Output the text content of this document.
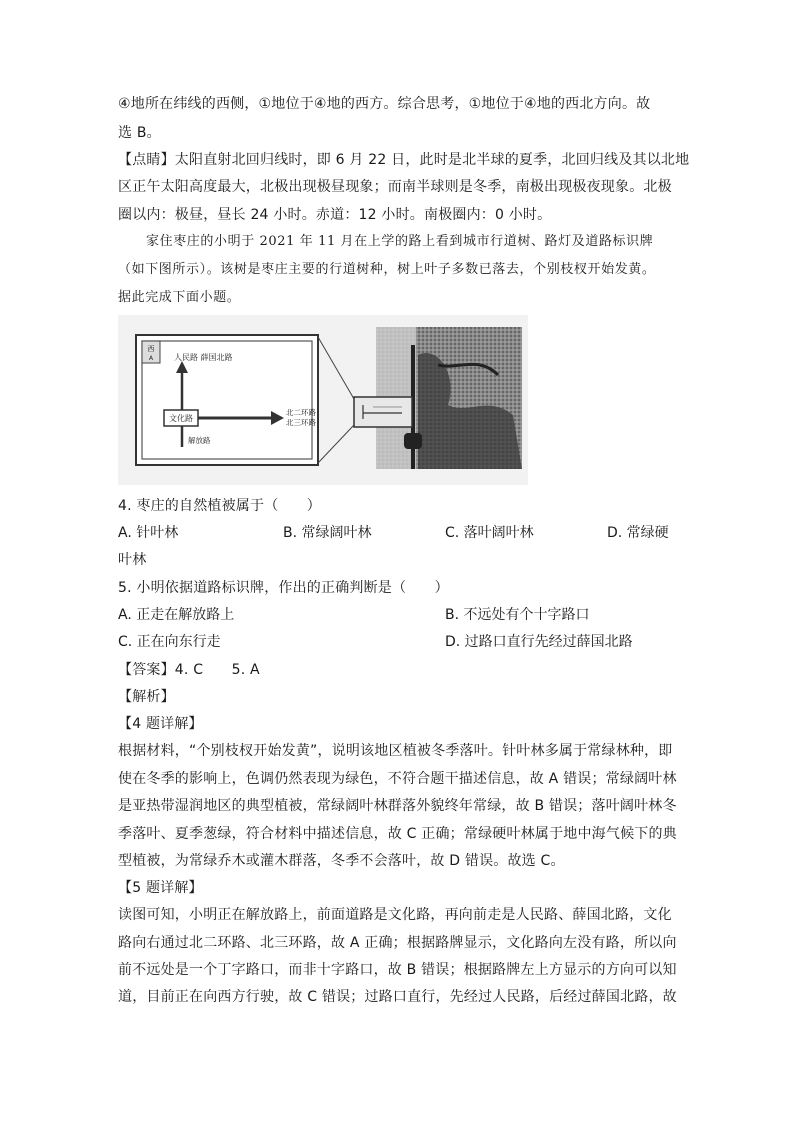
④地所在纬线的西侧，①地位于④地的西方。综合思考，①地位于④地的西北方向。故
选 B。
【点睛】太阳直射北回归线时，即 6 月 22 日，此时是北半球的夏季，北回归线及其以北地
区正午太阳高度最大，北极出现极昼现象；而南半球则是冬季，南极出现极夜现象。北极
圈以内：极昼，昼长 24 小时。赤道：12 小时。南极圈内：0 小时。
家住枣庄的小明于 2021 年 11 月在上学的路上看到城市行道树、路灯及道路标识牌
（如下图所示）。该树是枣庄主要的行道树种，树上叶子多数已落去，个别枝杈开始发黄。
据此完成下面小题。
西
A	人民路 薛国北路
北二环路
北三环路
文化路
解放路
4. 枣庄的自然植被属于（　　）
A. 针叶林	B. 常绿阔叶林	C. 落叶阔叶林	D. 常绿硬
叶林
5. 小明依据道路标识牌，作出的正确判断是（　　）
A. 正走在解放路上	B. 不远处有个十字路口
C. 正在向东行走	D. 过路口直行先经过薛国北路
【答案】4. C　　5. A
【解析】
【4 题详解】
根据材料，“个别枝杈开始发黄”，说明该地区植被冬季落叶。针叶林多属于常绿林种，即
使在冬季的影响上，色调仍然表现为绿色，不符合题干描述信息，故 A 错误；常绿阔叶林
是亚热带湿润地区的典型植被，常绿阔叶林群落外貌终年常绿，故 B 错误；落叶阔叶林冬
季落叶、夏季葱绿，符合材料中描述信息，故 C 正确；常绿硬叶林属于地中海气候下的典
型植被，为常绿乔木或灌木群落，冬季不会落叶，故 D 错误。故选 C。
【5 题详解】
读图可知，小明正在解放路上，前面道路是文化路，再向前走是人民路、薛国北路，文化
路向右通过北二环路、北三环路，故 A 正确；根据路牌显示，文化路向左没有路，所以向
前不远处是一个丁字路口，而非十字路口，故 B 错误；根据路牌左上方显示的方向可以知
道，目前正在向西方行驶，故 C 错误；过路口直行，先经过人民路，后经过薛国北路，故
